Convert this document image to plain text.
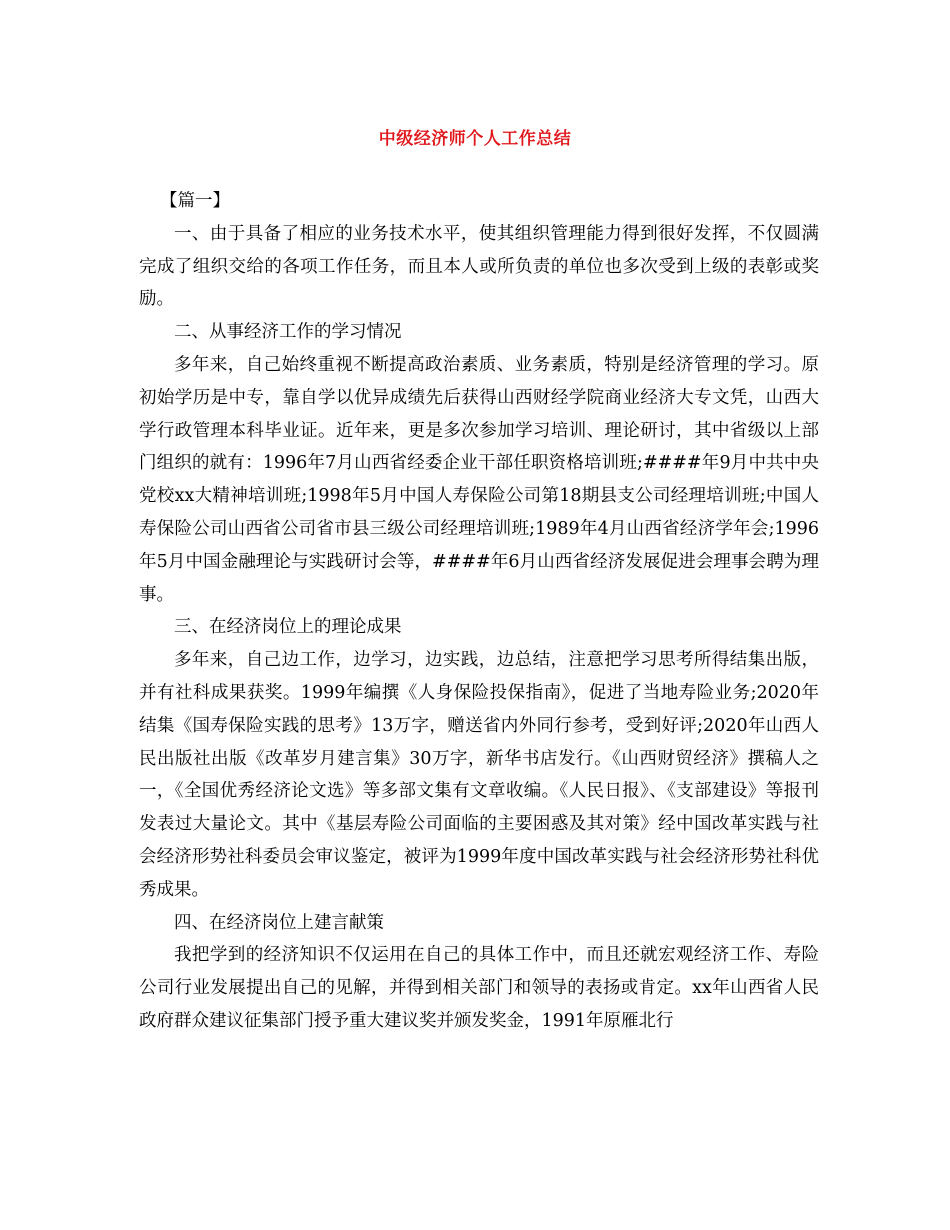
中级经济师个人工作总结

【篇一】

一、由于具备了相应的业务技术水平，使其组织管理能力得到很好发挥，不仅圆满完成了组织交给的各项工作任务，而且本人或所负责的单位也多次受到上级的表彰或奖励。

二、从事经济工作的学习情况

多年来，自己始终重视不断提高政治素质、业务素质，特别是经济管理的学习。原初始学历是中专，靠自学以优异成绩先后获得山西财经学院商业经济大专文凭，山西大学行政管理本科毕业证。近年来，更是多次参加学习培训、理论研讨，其中省级以上部门组织的就有：1996年7月山西省经委企业干部任职资格培训班;####年9月中共中央党校xx大精神培训班;1998年5月中国人寿保险公司第18期县支公司经理培训班;中国人寿保险公司山西省公司省市县三级公司经理培训班;1989年4月山西省经济学年会;1996年5月中国金融理论与实践研讨会等，####年6月山西省经济发展促进会理事会聘为理事。

三、在经济岗位上的理论成果

多年来，自己边工作，边学习，边实践，边总结，注意把学习思考所得结集出版，并有社科成果获奖。1999年编撰《人身保险投保指南》，促进了当地寿险业务;2020年结集《国寿保险实践的思考》13万字，赠送省内外同行参考，受到好评;2020年山西人民出版社出版《改革岁月建言集》30万字，新华书店发行。《山西财贸经济》撰稿人之一，《全国优秀经济论文选》等多部文集有文章收编。《人民日报》、《支部建设》等报刊发表过大量论文。其中《基层寿险公司面临的主要困惑及其对策》经中国改革实践与社会经济形势社科委员会审议鉴定，被评为1999年度中国改革实践与社会经济形势社科优秀成果。

四、在经济岗位上建言献策

我把学到的经济知识不仅运用在自己的具体工作中，而且还就宏观经济工作、寿险公司行业发展提出自己的见解，并得到相关部门和领导的表扬或肯定。xx年山西省人民政府群众建议征集部门授予重大建议奖并颁发奖金，1991年原雁北行
